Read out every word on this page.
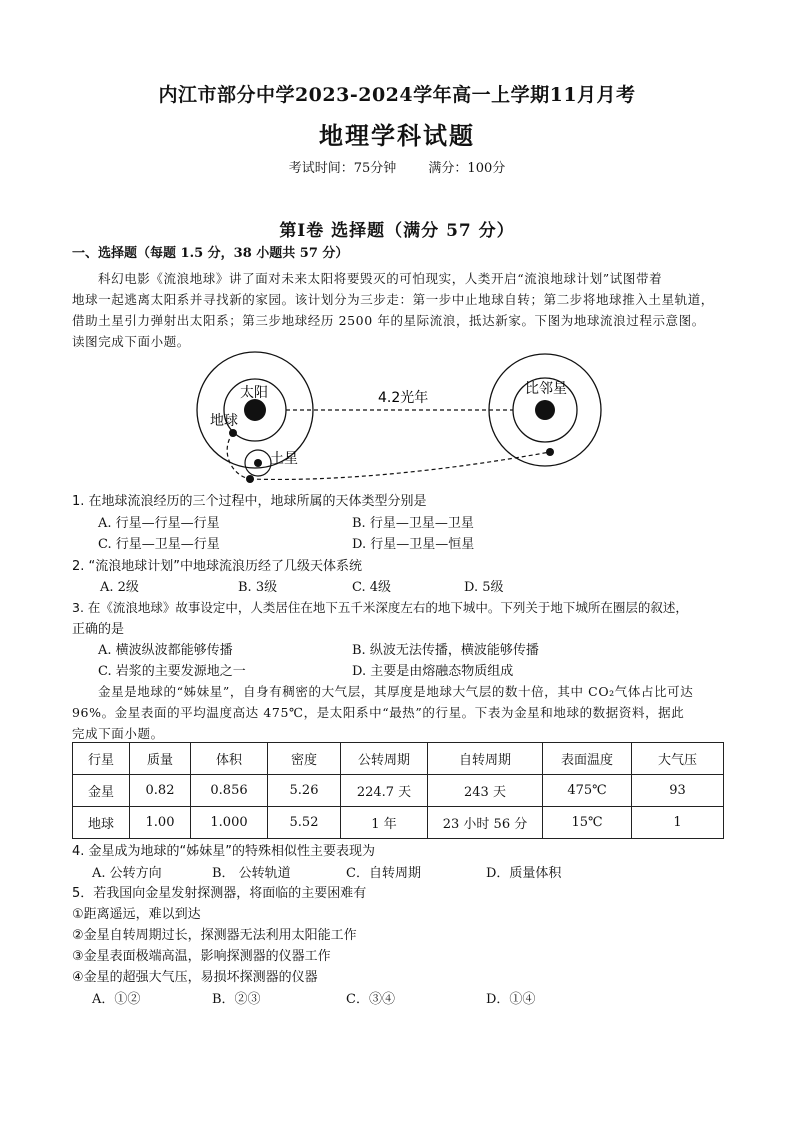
内江市部分中学2023-2024学年高一上学期11月月考
地理学科试题
考试时间：75分钟 满分：100分
第Ⅰ卷 选择题（满分 57 分）
一、选择题（每题 1.5 分，38 小题共 57 分）
科幻电影《流浪地球》讲了面对未来太阳将要毁灭的可怕现实，人类开启“流浪地球计划”试图带着
地球一起逃离太阳系并寻找新的家园。该计划分为三步走：第一步中止地球自转；第二步将地球推入土星轨道，
借助土星引力弹射出太阳系；第三步地球经历 2500 年的星际流浪，抵达新家。下图为地球流浪过程示意图。
读图完成下面小题。
太阳	比邻星
4.2光年
地球
土星
1. 在地球流浪经历的三个过程中，地球所属的天体类型分别是
A. 行星—行星—行星	B. 行星—卫星—卫星
C. 行星—卫星—行星	D. 行星—卫星—恒星
2. “流浪地球计划”中地球流浪历经了几级天体系统
A. 2级	B. 3级	C. 4级	D. 5级
3. 在《流浪地球》故事设定中，人类居住在地下五千米深度左右的地下城中。下列关于地下城所在圈层的叙述，
正确的是
A. 横波纵波都能够传播	B. 纵波无法传播，横波能够传播
C. 岩浆的主要发源地之一	D. 主要是由熔融态物质组成
金星是地球的“姊妹星”，自身有稠密的大气层，其厚度是地球大气层的数十倍，其中 CO₂气体占比可达
96%。金星表面的平均温度高达 475℃，是太阳系中“最热”的行星。下表为金星和地球的数据资料，据此
完成下面小题。
行星	质量	体积	密度	公转周期	自转周期	表面温度	大气压
金星	0.82	0.856	5.26	224.7 天	243 天	475℃	93
地球	1.00	1.000	5.52	1 年	23 小时 56 分	15℃	1
4. 金星成为地球的“姊妹星”的特殊相似性主要表现为
A. 公转方向	B． 公转轨道	C．自转周期	D．质量体积
5．若我国向金星发射探测器，将面临的主要困难有
①距离遥远，难以到达
②金星自转周期过长，探测器无法利用太阳能工作
③金星表面极端高温，影响探测器的仪器工作
④金星的超强大气压，易损坏探测器的仪器
A．①②	B．②③	C．③④	D．①④
